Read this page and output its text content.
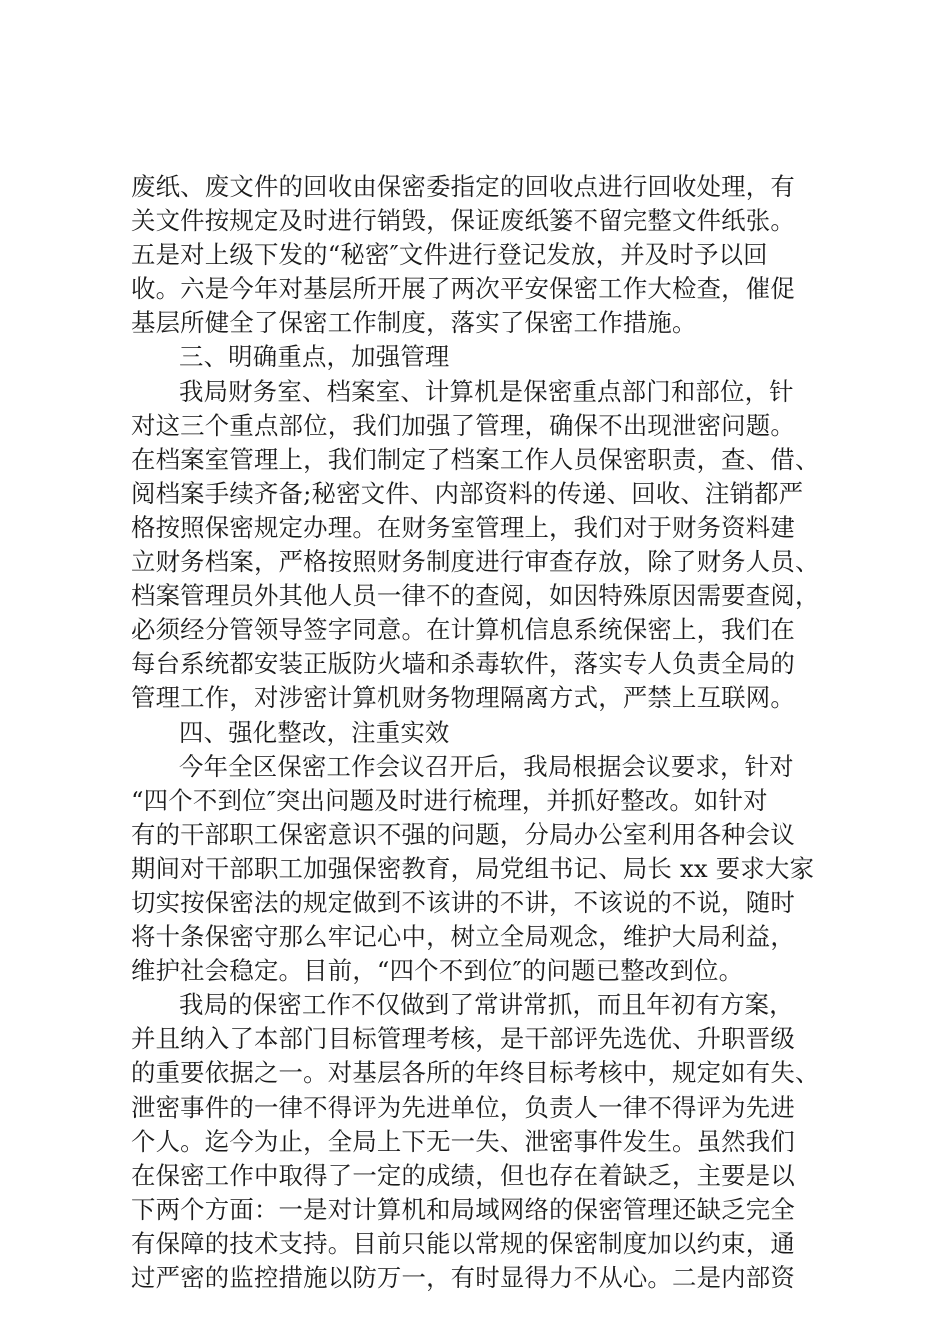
废纸、废文件的回收由保密委指定的回收点进行回收处理，有
关文件按规定及时进行销毁，保证废纸篓不留完整文件纸张。
五是对上级下发的“秘密″文件进行登记发放，并及时予以回
收。六是今年对基层所开展了两次平安保密工作大检查，催促
基层所健全了保密工作制度，落实了保密工作措施。
三、明确重点，加强管理
我局财务室、档案室、计算机是保密重点部门和部位，针
对这三个重点部位，我们加强了管理，确保不出现泄密问题。
在档案室管理上，我们制定了档案工作人员保密职责，查、借、
阅档案手续齐备;秘密文件、内部资料的传递、回收、注销都严
格按照保密规定办理。在财务室管理上，我们对于财务资料建
立财务档案，严格按照财务制度进行审查存放，除了财务人员、
档案管理员外其他人员一律不的查阅，如因特殊原因需要查阅，
必须经分管领导签字同意。在计算机信息系统保密上，我们在
每台系统都安装正版防火墙和杀毒软件，落实专人负责全局的
管理工作，对涉密计算机财务物理隔离方式，严禁上互联网。
四、强化整改，注重实效
今年全区保密工作会议召开后，我局根据会议要求，针对
“四个不到位″突出问题及时进行梳理，并抓好整改。如针对
有的干部职工保密意识不强的问题，分局办公室利用各种会议
期间对干部职工加强保密教育，局党组书记、局长 xx 要求大家
切实按保密法的规定做到不该讲的不讲，不该说的不说，随时
将十条保密守那么牢记心中，树立全局观念，维护大局利益，
维护社会稳定。目前，“四个不到位″的问题已整改到位。
我局的保密工作不仅做到了常讲常抓，而且年初有方案，
并且纳入了本部门目标管理考核，是干部评先选优、升职晋级
的重要依据之一。对基层各所的年终目标考核中，规定如有失、
泄密事件的一律不得评为先进单位，负责人一律不得评为先进
个人。迄今为止，全局上下无一失、泄密事件发生。虽然我们
在保密工作中取得了一定的成绩，但也存在着缺乏，主要是以
下两个方面：一是对计算机和局域网络的保密管理还缺乏完全
有保障的技术支持。目前只能以常规的保密制度加以约束，通
过严密的监控措施以防万一，有时显得力不从心。二是内部资
